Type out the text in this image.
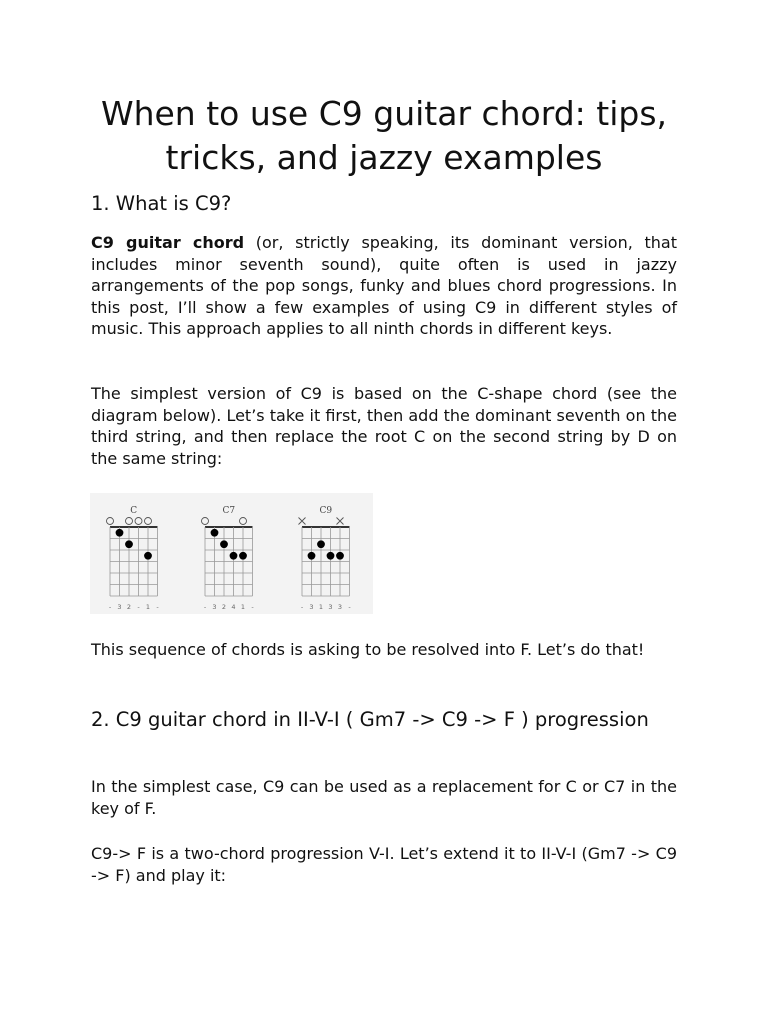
When to use C9 guitar chord: tips, tricks, and jazzy examples
1. What is C9?

C9 guitar chord (or, strictly speaking, its dominant version, that includes minor seventh sound), quite often is used in jazzy arrangements of the pop songs, funky and blues chord progressions. In this post, I’ll show a few examples of using C9 in different styles of music. This approach applies to all ninth chords in different keys.

The simplest version of C9 is based on the C-shape chord (see the diagram below). Let’s take it first, then add the dominant seventh on the third string, and then replace the root C on the second string by D on the same string:

C
- 3 2 - 1 -
C7
- 3 2 4 1 -
C9
- 3 1 3 3 -

This sequence of chords is asking to be resolved into F. Let’s do that!

2. C9 guitar chord in II-V-I ( Gm7 -> C9 -> F ) progression

In the simplest case, C9 can be used as a replacement for C or C7 in the key of F.

C9-> F is a two-chord progression V-I. Let’s extend it to II-V-I (Gm7 -> C9 -> F) and play it:
